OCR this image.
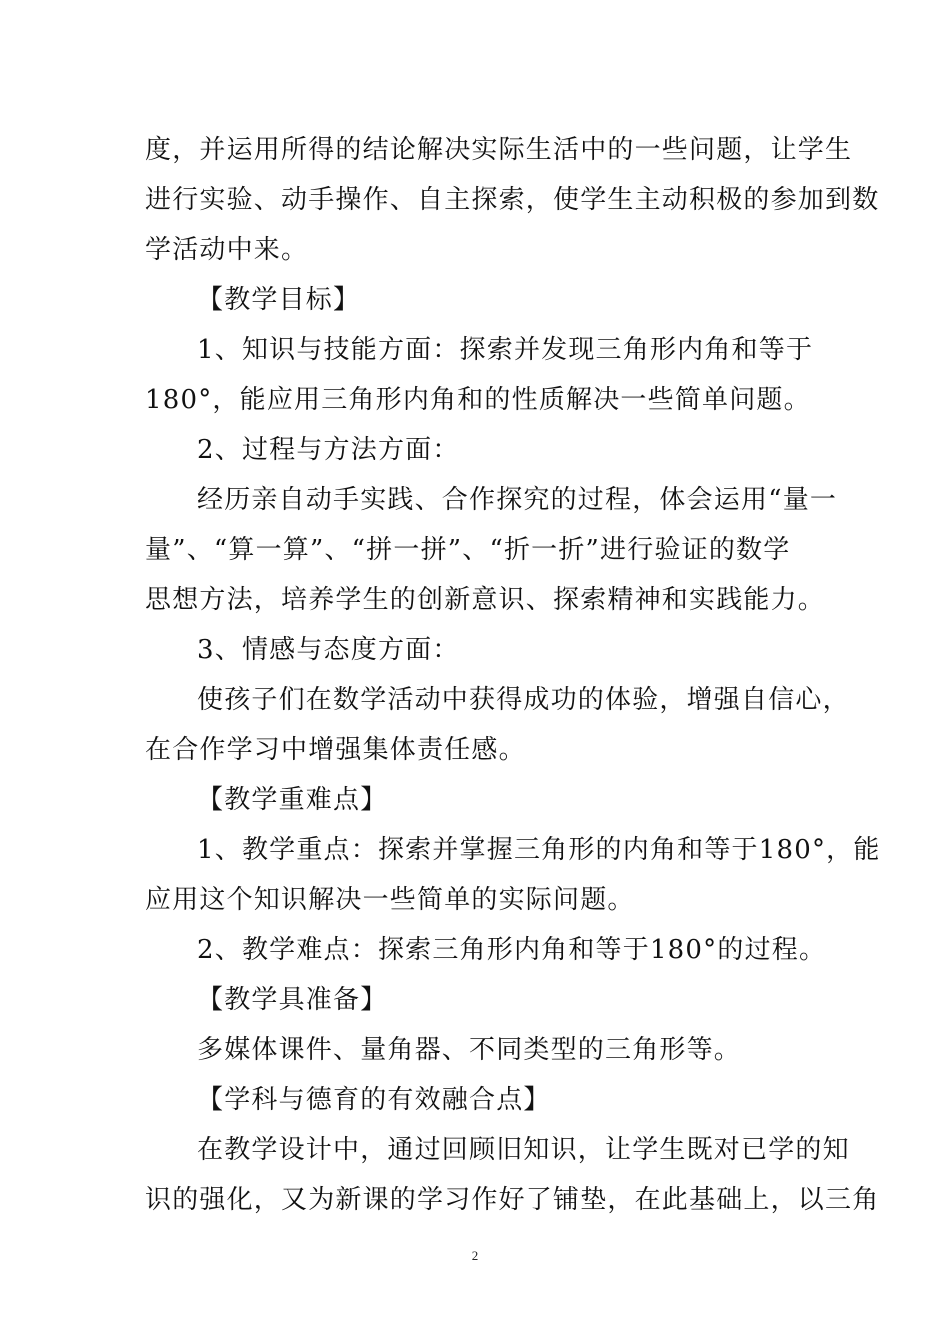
度，并运用所得的结论解决实际生活中的一些问题，让学生
进行实验、动手操作、自主探索，使学生主动积极的参加到数
学活动中来。
【教学目标】
1、知识与技能方面：探索并发现三角形内角和等于
180°，能应用三角形内角和的性质解决一些简单问题。
2、过程与方法方面：
经历亲自动手实践、合作探究的过程，体会运用“量一
量”、“算一算”、“拼一拼”、“折一折”进行验证的数学
思想方法，培养学生的创新意识、探索精神和实践能力。
3、情感与态度方面：
使孩子们在数学活动中获得成功的体验，增强自信心，
在合作学习中增强集体责任感。
【教学重难点】
1、教学重点：探索并掌握三角形的内角和等于180°，能
应用这个知识解决一些简单的实际问题。
2、教学难点：探索三角形内角和等于180°的过程。
【教学具准备】
多媒体课件、量角器、不同类型的三角形等。
【学科与德育的有效融合点】
在教学设计中，通过回顾旧知识，让学生既对已学的知
识的强化，又为新课的学习作好了铺垫，在此基础上，以三角
2
